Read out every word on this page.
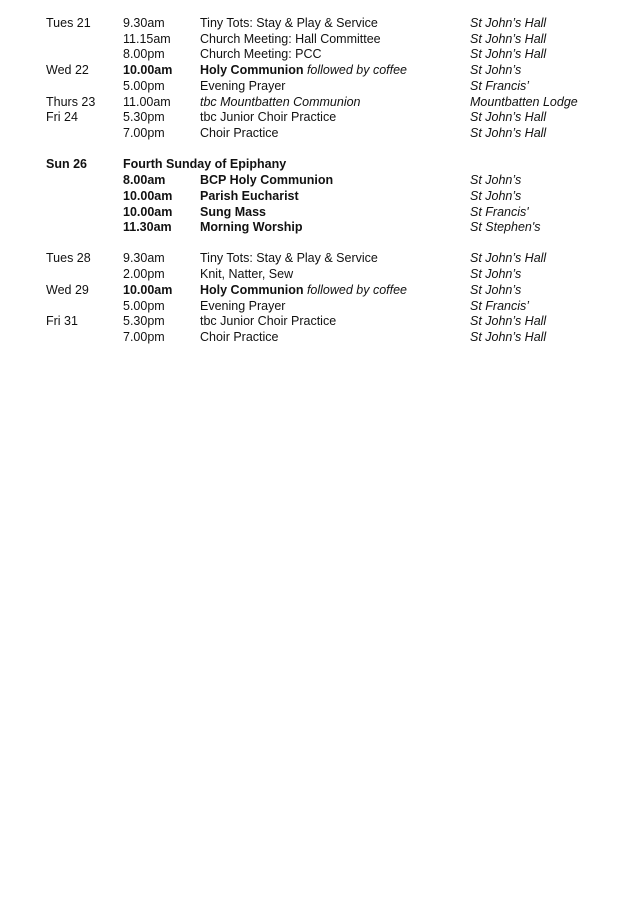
Tues 21	9.30am	Tiny Tots: Stay & Play & Service	St John’s Hall
11.15am Church Meeting: Hall Committee	St John’s Hall
8.00pm	Church Meeting: PCC	St John’s Hall
Wed 22	10.00am Holy Communion followed by coffee	St John’s
5.00pm	Evening Prayer	St Francis’
Thurs 23 11.00am tbc Mountbatten Communion	Mountbatten Lodge
Fri 24	5.30pm	tbc Junior Choir Practice	St John’s Hall
7.00pm	Choir Practice	St John’s Hall
Sun 26	Fourth Sunday of Epiphany
8.00am	BCP Holy Communion	St John’s
10.00am Parish Eucharist	St John’s
10.00am Sung Mass	St Francis'
11.30am Morning Worship	St Stephen's
Tues 28	9.30am	Tiny Tots: Stay & Play & Service	St John’s Hall
2.00pm	Knit, Natter, Sew	St John’s
Wed 29	10.00am Holy Communion followed by coffee	St John’s
5.00pm	Evening Prayer	St Francis’
Fri 31	5.30pm	tbc Junior Choir Practice	St John’s Hall
7.00pm	Choir Practice	St John’s Hall
